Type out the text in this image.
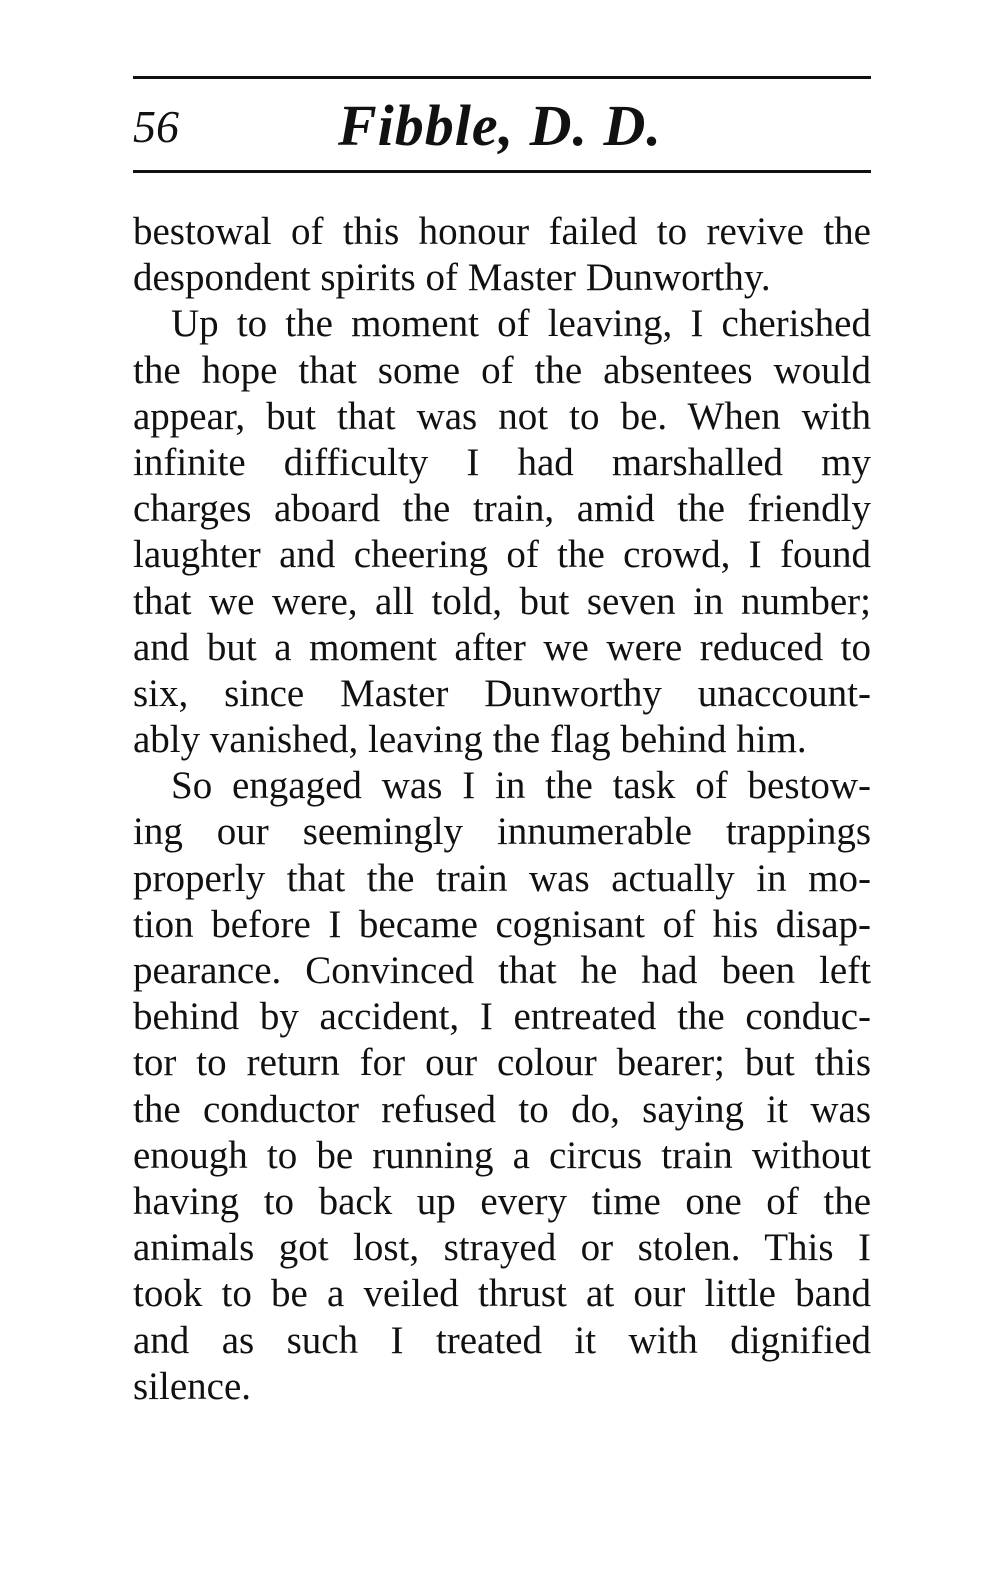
56	Fibble, D. D.
bestowal of this honour failed to revive the
despondent spirits of Master Dunworthy.
Up to the moment of leaving, I cherished
the hope that some of the absentees would
appear, but that was not to be. When with
infinite difficulty I had marshalled my
charges aboard the train, amid the friendly
laughter and cheering of the crowd, I found
that we were, all told, but seven in number;
and but a moment after we were reduced to
six, since Master Dunworthy unaccount-
ably vanished, leaving the flag behind him.
So engaged was I in the task of bestow-
ing our seemingly innumerable trappings
properly that the train was actually in mo-
tion before I became cognisant of his disap-
pearance. Convinced that he had been left
behind by accident, I entreated the conduc-
tor to return for our colour bearer; but this
the conductor refused to do, saying it was
enough to be running a circus train without
having to back up every time one of the
animals got lost, strayed or stolen. This I
took to be a veiled thrust at our little band
and as such I treated it with dignified
silence.
